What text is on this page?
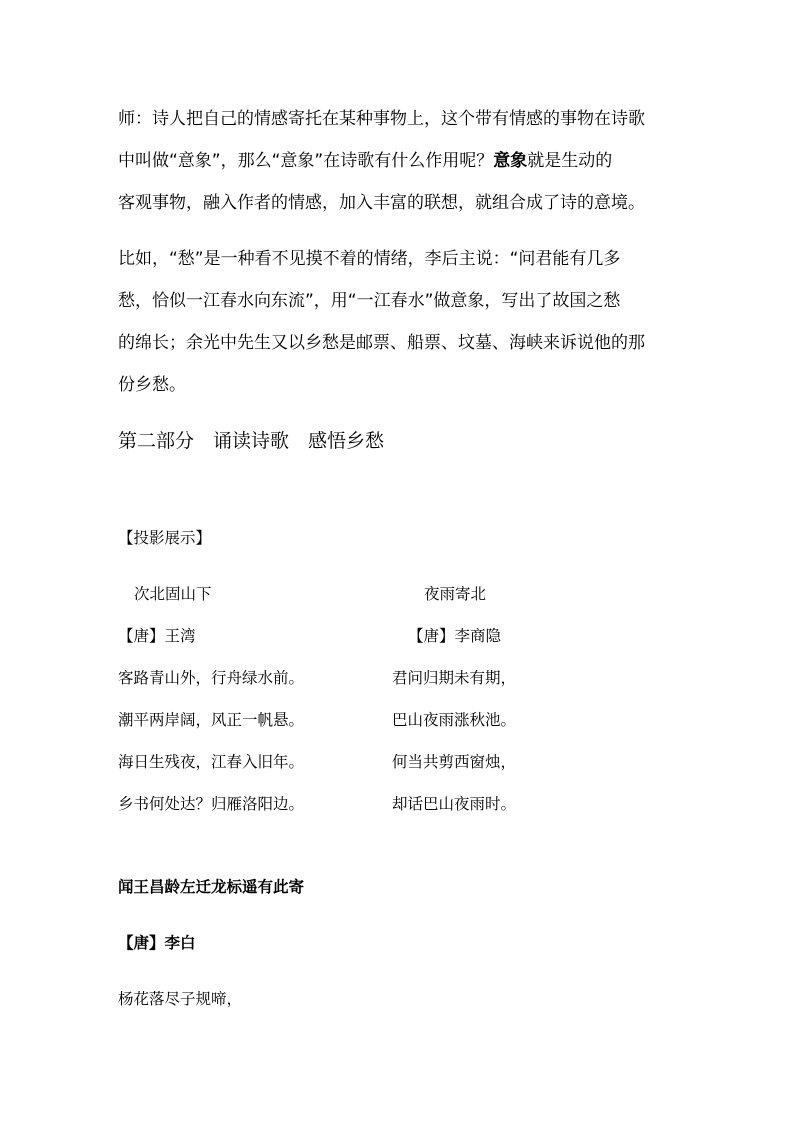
师：诗人把自己的情感寄托在某种事物上，这个带有情感的事物在诗歌
中叫做“意象”，那么“意象”在诗歌有什么作用呢？意象就是生动的
客观事物，融入作者的情感，加入丰富的联想，就组合成了诗的意境。
比如，“愁”是一种看不见摸不着的情绪，李后主说：“问君能有几多
愁，恰似一江春水向东流”，用“一江春水”做意象，写出了故国之愁
的绵长；余光中先生又以乡愁是邮票、船票、坟墓、海峡来诉说他的那
份乡愁。
第二部分　诵读诗歌　感悟乡愁
【投影展示】
次北固山下
【唐】王湾
客路青山外，行舟绿水前。
潮平两岸阔，风正一帆悬。
海日生残夜，江春入旧年。
乡书何处达？归雁洛阳边。
夜雨寄北
【唐】李商隐
君问归期未有期，
巴山夜雨涨秋池。
何当共剪西窗烛，
却话巴山夜雨时。
闻王昌龄左迁龙标遥有此寄
【唐】李白
杨花落尽子规啼，
